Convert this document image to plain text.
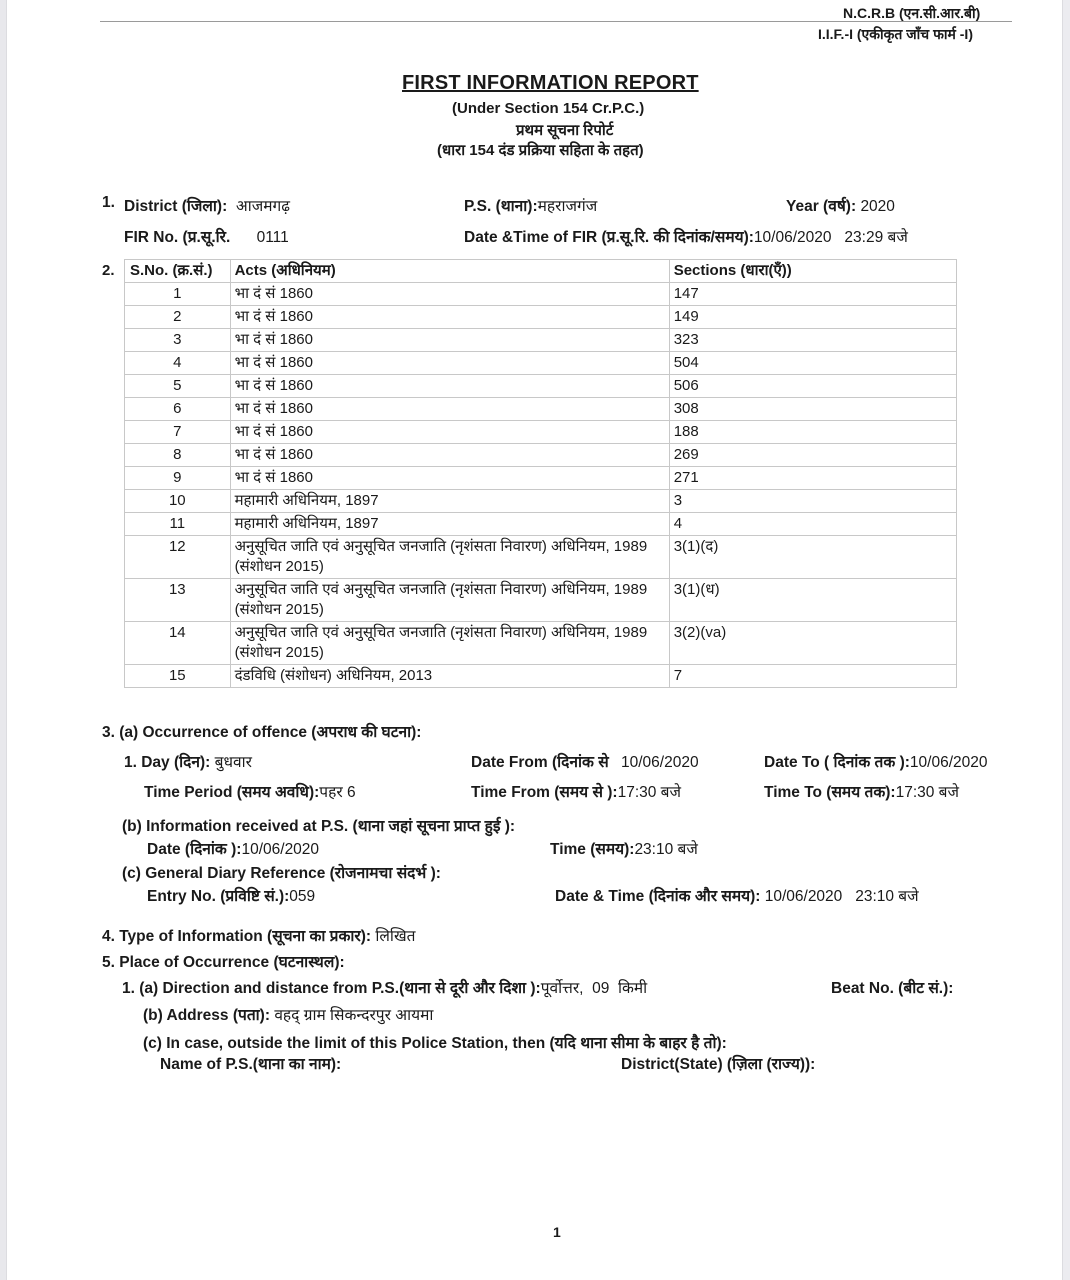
N.C.R.B (एन.सी.आर.बी)
I.I.F.-I (एकीकृत जाँच फार्म -I)
FIRST INFORMATION REPORT
(Under Section 154 Cr.P.C.)
प्रथम सूचना रिपोर्ट
(धारा 154 दंड प्रक्रिया सहिता के तहत)
1. District (जिला): आजमगढ़	P.S. (थाना):महराजगंज	Year (वर्ष): 2020
FIR No. (प्र.सू.रि. 0111	Date &Time of FIR (प्र.सू.रि. की दिनांक/समय):10/06/2020   23:29 बजे
2. S.No. (क्र.सं.)	Acts (अधिनियम)	Sections (धारा(एँ))
1	भा दं सं 1860	147
2	भा दं सं 1860	149
3	भा दं सं 1860	323
4	भा दं सं 1860	504
5	भा दं सं 1860	506
6	भा दं सं 1860	308
7	भा दं सं 1860	188
8	भा दं सं 1860	269
9	भा दं सं 1860	271
10	महामारी अधिनियम, 1897	3
11	महामारी अधिनियम, 1897	4
12	अनुसूचित जाति एवं अनुसूचित जनजाति (नृशंसता निवारण) अधिनियम, 1989 (संशोधन 2015)	3(1)(द)
13	अनुसूचित जाति एवं अनुसूचित जनजाति (नृशंसता निवारण) अधिनियम, 1989 (संशोधन 2015)	3(1)(ध)
14	अनुसूचित जाति एवं अनुसूचित जनजाति (नृशंसता निवारण) अधिनियम, 1989 (संशोधन 2015)	3(2)(va)
15	दंडविधि (संशोधन) अधिनियम, 2013	7
3. (a) Occurrence of offence (अपराध की घटना):
1. Day (दिन): बुधवार	Date From (दिनांक से 10/06/2020	Date To ( दिनांक तक ):10/06/2020
Time Period (समय अवधि):पहर 6	Time From (समय से ):17:30 बजे	Time To (समय तक):17:30 बजे
(b) Information received at P.S. (थाना जहां सूचना प्राप्त हुई ):
Date (दिनांक ):10/06/2020	Time (समय):23:10 बजे
(c) General Diary Reference (रोजनामचा संदर्भ ):
Entry No. (प्रविष्टि सं.):059	Date & Time (दिनांक और समय): 10/06/2020   23:10 बजे
4. Type of Information (सूचना का प्रकार): लिखित
5. Place of Occurrence (घटनास्थल):
1. (a) Direction and distance from P.S.(थाना से दूरी और दिशा ):पूर्वोत्तर,  09  किमी	Beat No. (बीट सं.):
(b) Address (पता): वहद् ग्राम सिकन्दरपुर आयमा
(c) In case, outside the limit of this Police Station, then (यदि थाना सीमा के बाहर है तो):
Name of P.S.(थाना का नाम):	District(State) (ज़िला (राज्य)):
1
